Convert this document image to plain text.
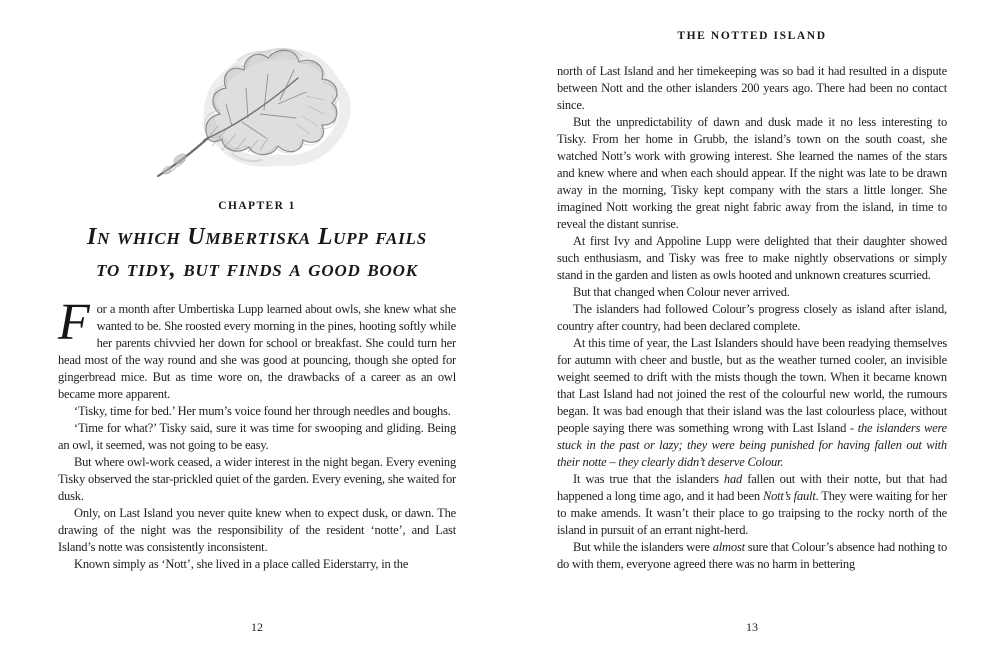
CHAPTER 1
In which Umbertiska Lupp fails
to tidy, but finds a good book

For a month after Umbertiska Lupp learned about owls, she knew what she wanted to be. She roosted every morning in the pines, hooting softly while her parents chivvied her down for school or breakfast. She could turn her head most of the way round and she was good at pouncing, though she opted for gingerbread mice. But as time wore on, the drawbacks of a career as an owl became more apparent.

‘Tisky, time for bed.’ Her mum’s voice found her through needles and boughs.

‘Time for what?’ Tisky said, sure it was time for swooping and gliding. Being an owl, it seemed, was not going to be easy.

But where owl-work ceased, a wider interest in the night began. Every evening Tisky observed the star-prickled quiet of the garden. Every evening, she waited for dusk.

Only, on Last Island you never quite knew when to expect dusk, or dawn. The drawing of the night was the responsibility of the resident ‘notte’, and Last Island’s notte was consistently inconsistent.

Known simply as ‘Nott’, she lived in a place called Eiderstarry, in the

12
THE NOTTED ISLAND

north of Last Island and her timekeeping was so bad it had resulted in a dispute between Nott and the other islanders 200 years ago. There had been no contact since.

But the unpredictability of dawn and dusk made it no less interesting to Tisky. From her home in Grubb, the island’s town on the south coast, she watched Nott’s work with growing interest. She learned the names of the stars and knew where and when each should appear. If the night was late to be drawn away in the morning, Tisky kept company with the stars a little longer. She imagined Nott working the great night fabric away from the island, in time to reveal the distant sunrise.

At first Ivy and Appoline Lupp were delighted that their daughter showed such enthusiasm, and Tisky was free to make nightly observations or simply stand in the garden and listen as owls hooted and unknown creatures scurried.

But that changed when Colour never arrived.

The islanders had followed Colour’s progress closely as island after island, country after country, had been declared complete.

At this time of year, the Last Islanders should have been readying themselves for autumn with cheer and bustle, but as the weather turned cooler, an invisible weight seemed to drift with the mists though the town. When it became known that Last Island had not joined the rest of the colourful new world, the rumours began. It was bad enough that their island was the last colourless place, without people saying there was something wrong with Last Island - the islanders were stuck in the past or lazy; they were being punished for having fallen out with their notte – they clearly didn’t deserve Colour.

It was true that the islanders had fallen out with their notte, but that had happened a long time ago, and it had been Nott’s fault. They were waiting for her to make amends. It wasn’t their place to go traipsing to the rocky north of the island in pursuit of an errant night-herd.

But while the islanders were almost sure that Colour’s absence had nothing to do with them, everyone agreed there was no harm in bettering

13
